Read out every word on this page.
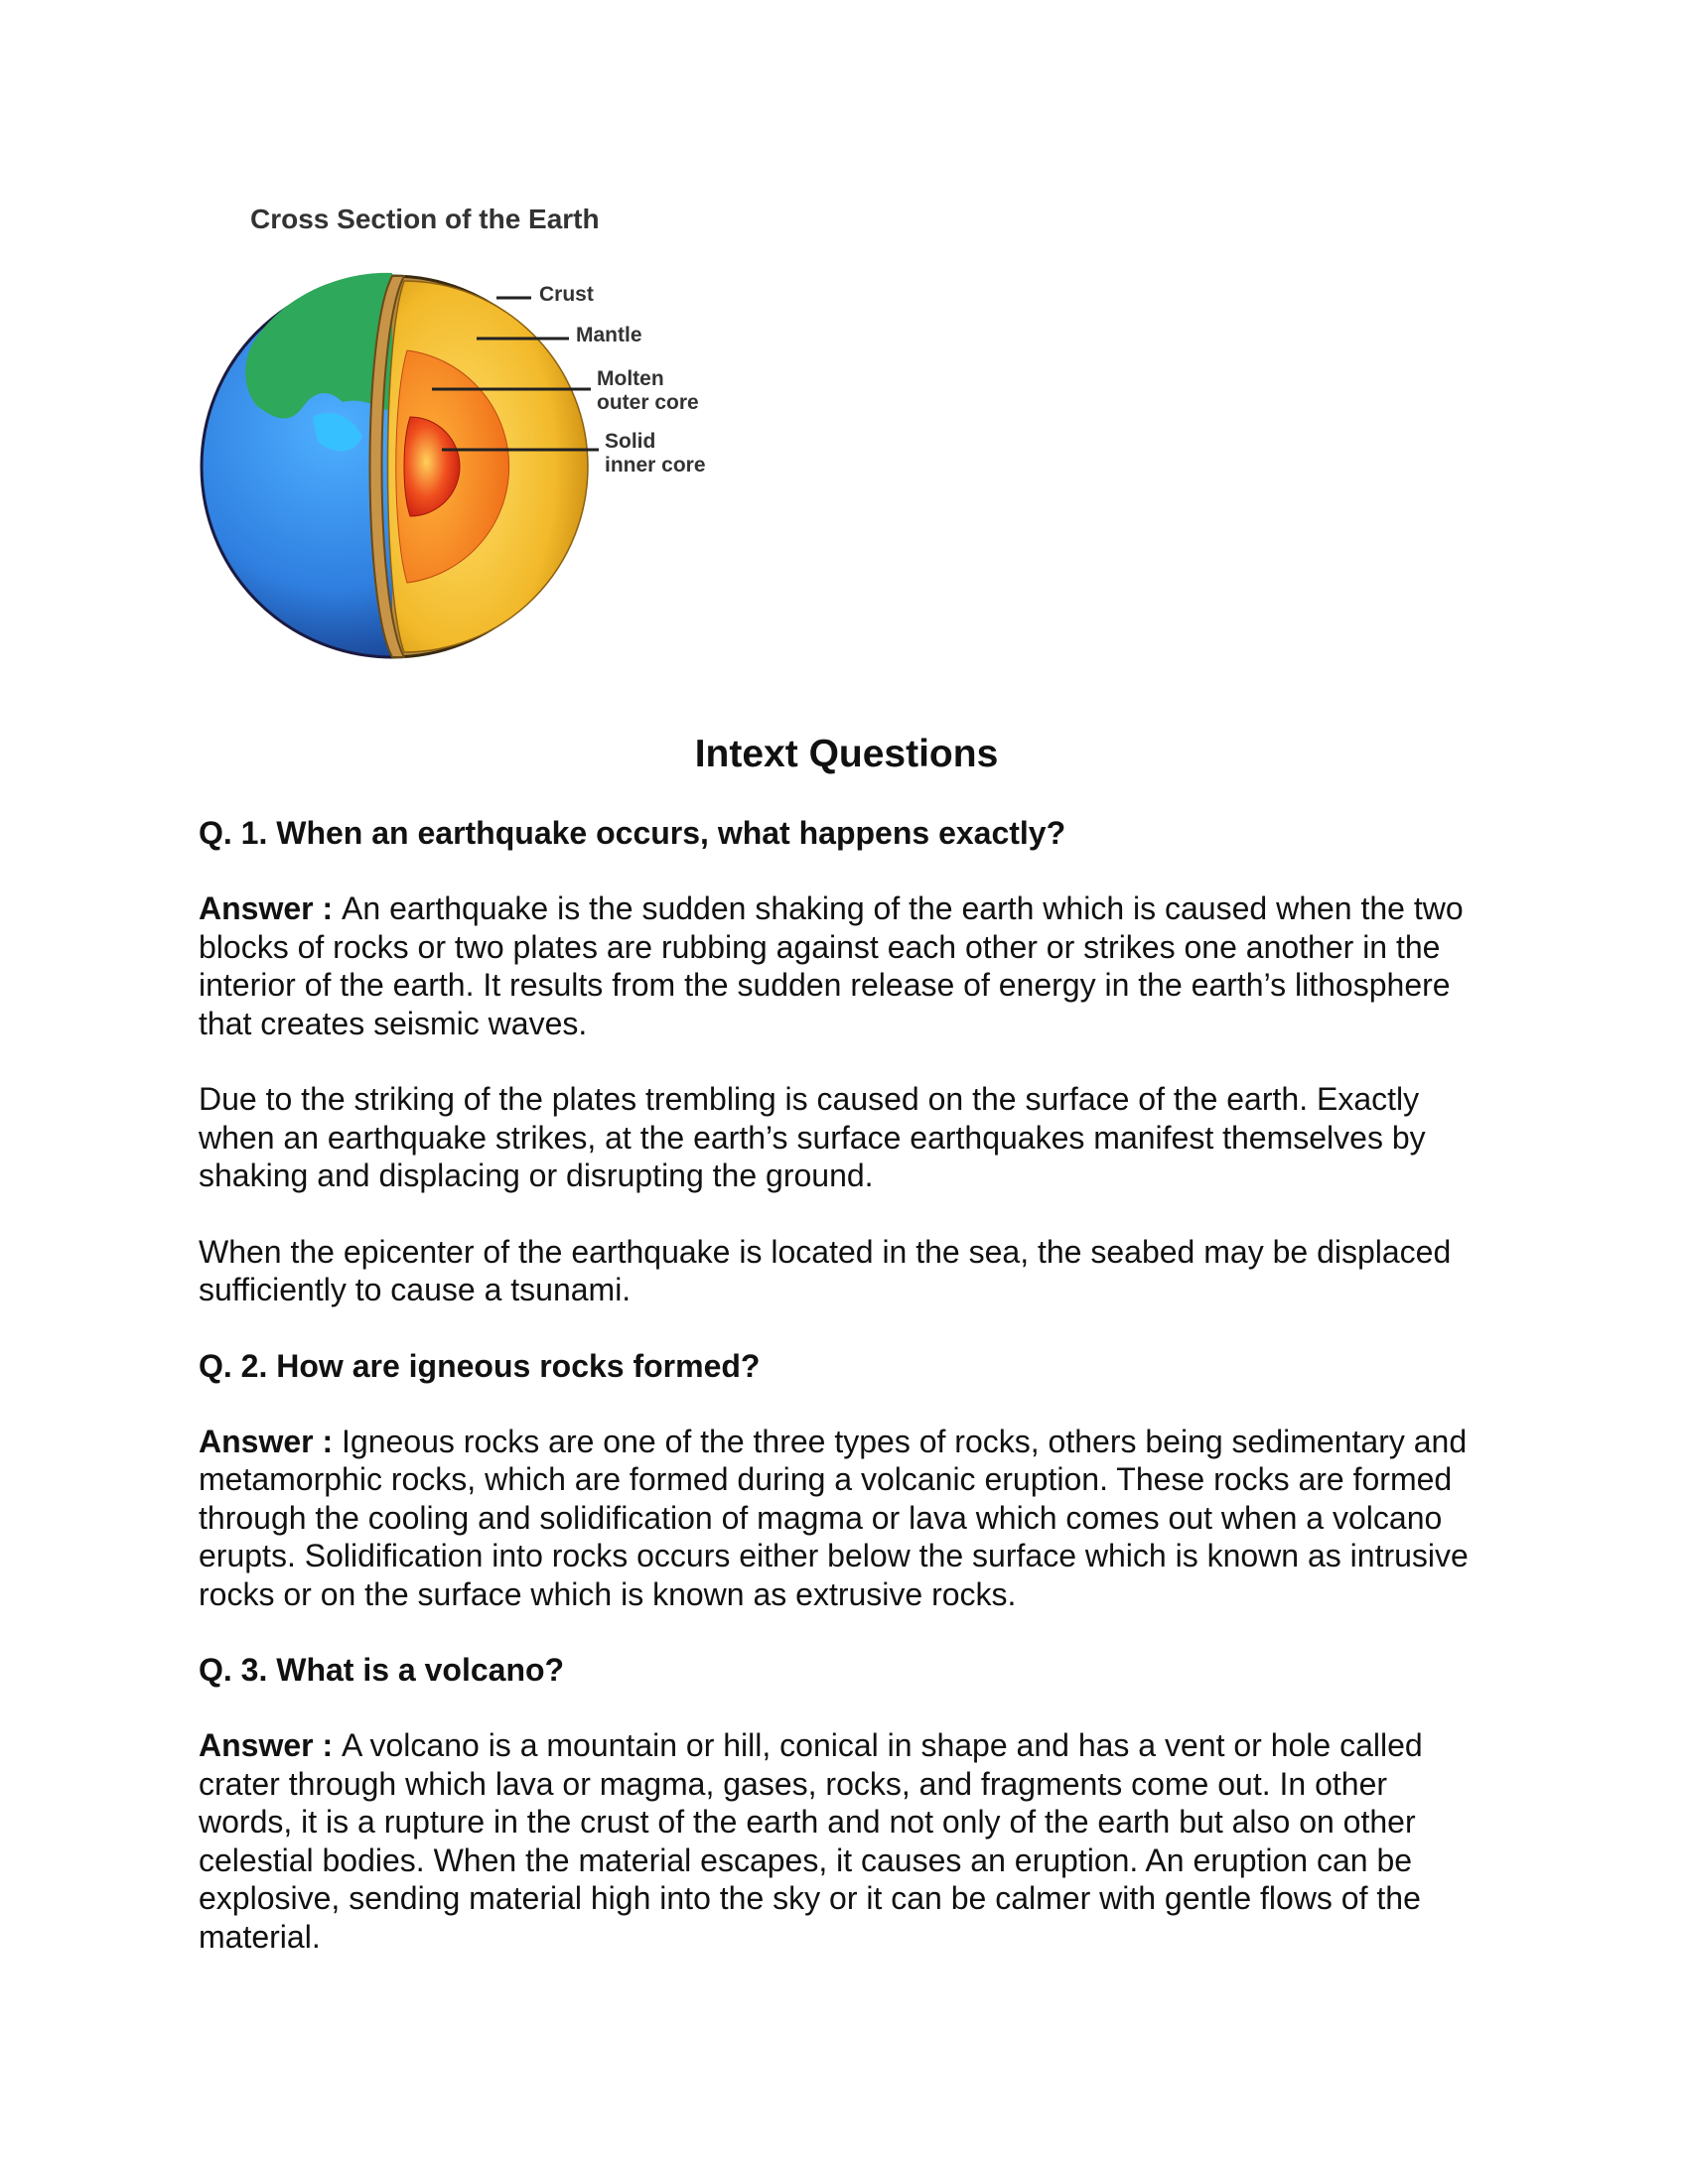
Cross Section of the Earth
Crust
Mantle
Molten
outer core
Solid
inner core
Intext Questions

Q. 1. When an earthquake occurs, what happens exactly?

Answer : An earthquake is the sudden shaking of the earth which is caused when the two blocks of rocks or two plates are rubbing against each other or strikes one another in the interior of the earth. It results from the sudden release of energy in the earth’s lithosphere that creates seismic waves.

Due to the striking of the plates trembling is caused on the surface of the earth. Exactly when an earthquake strikes, at the earth’s surface earthquakes manifest themselves by shaking and displacing or disrupting the ground.

When the epicenter of the earthquake is located in the sea, the seabed may be displaced sufficiently to cause a tsunami.

Q. 2. How are igneous rocks formed?

Answer : Igneous rocks are one of the three types of rocks, others being sedimentary and metamorphic rocks, which are formed during a volcanic eruption. These rocks are formed through the cooling and solidification of magma or lava which comes out when a volcano erupts. Solidification into rocks occurs either below the surface which is known as intrusive rocks or on the surface which is known as extrusive rocks.

Q. 3. What is a volcano?

Answer : A volcano is a mountain or hill, conical in shape and has a vent or hole called crater through which lava or magma, gases, rocks, and fragments come out. In other words, it is a rupture in the crust of the earth and not only of the earth but also on other celestial bodies. When the material escapes, it causes an eruption. An eruption can be explosive, sending material high into the sky or it can be calmer with gentle flows of the material.
